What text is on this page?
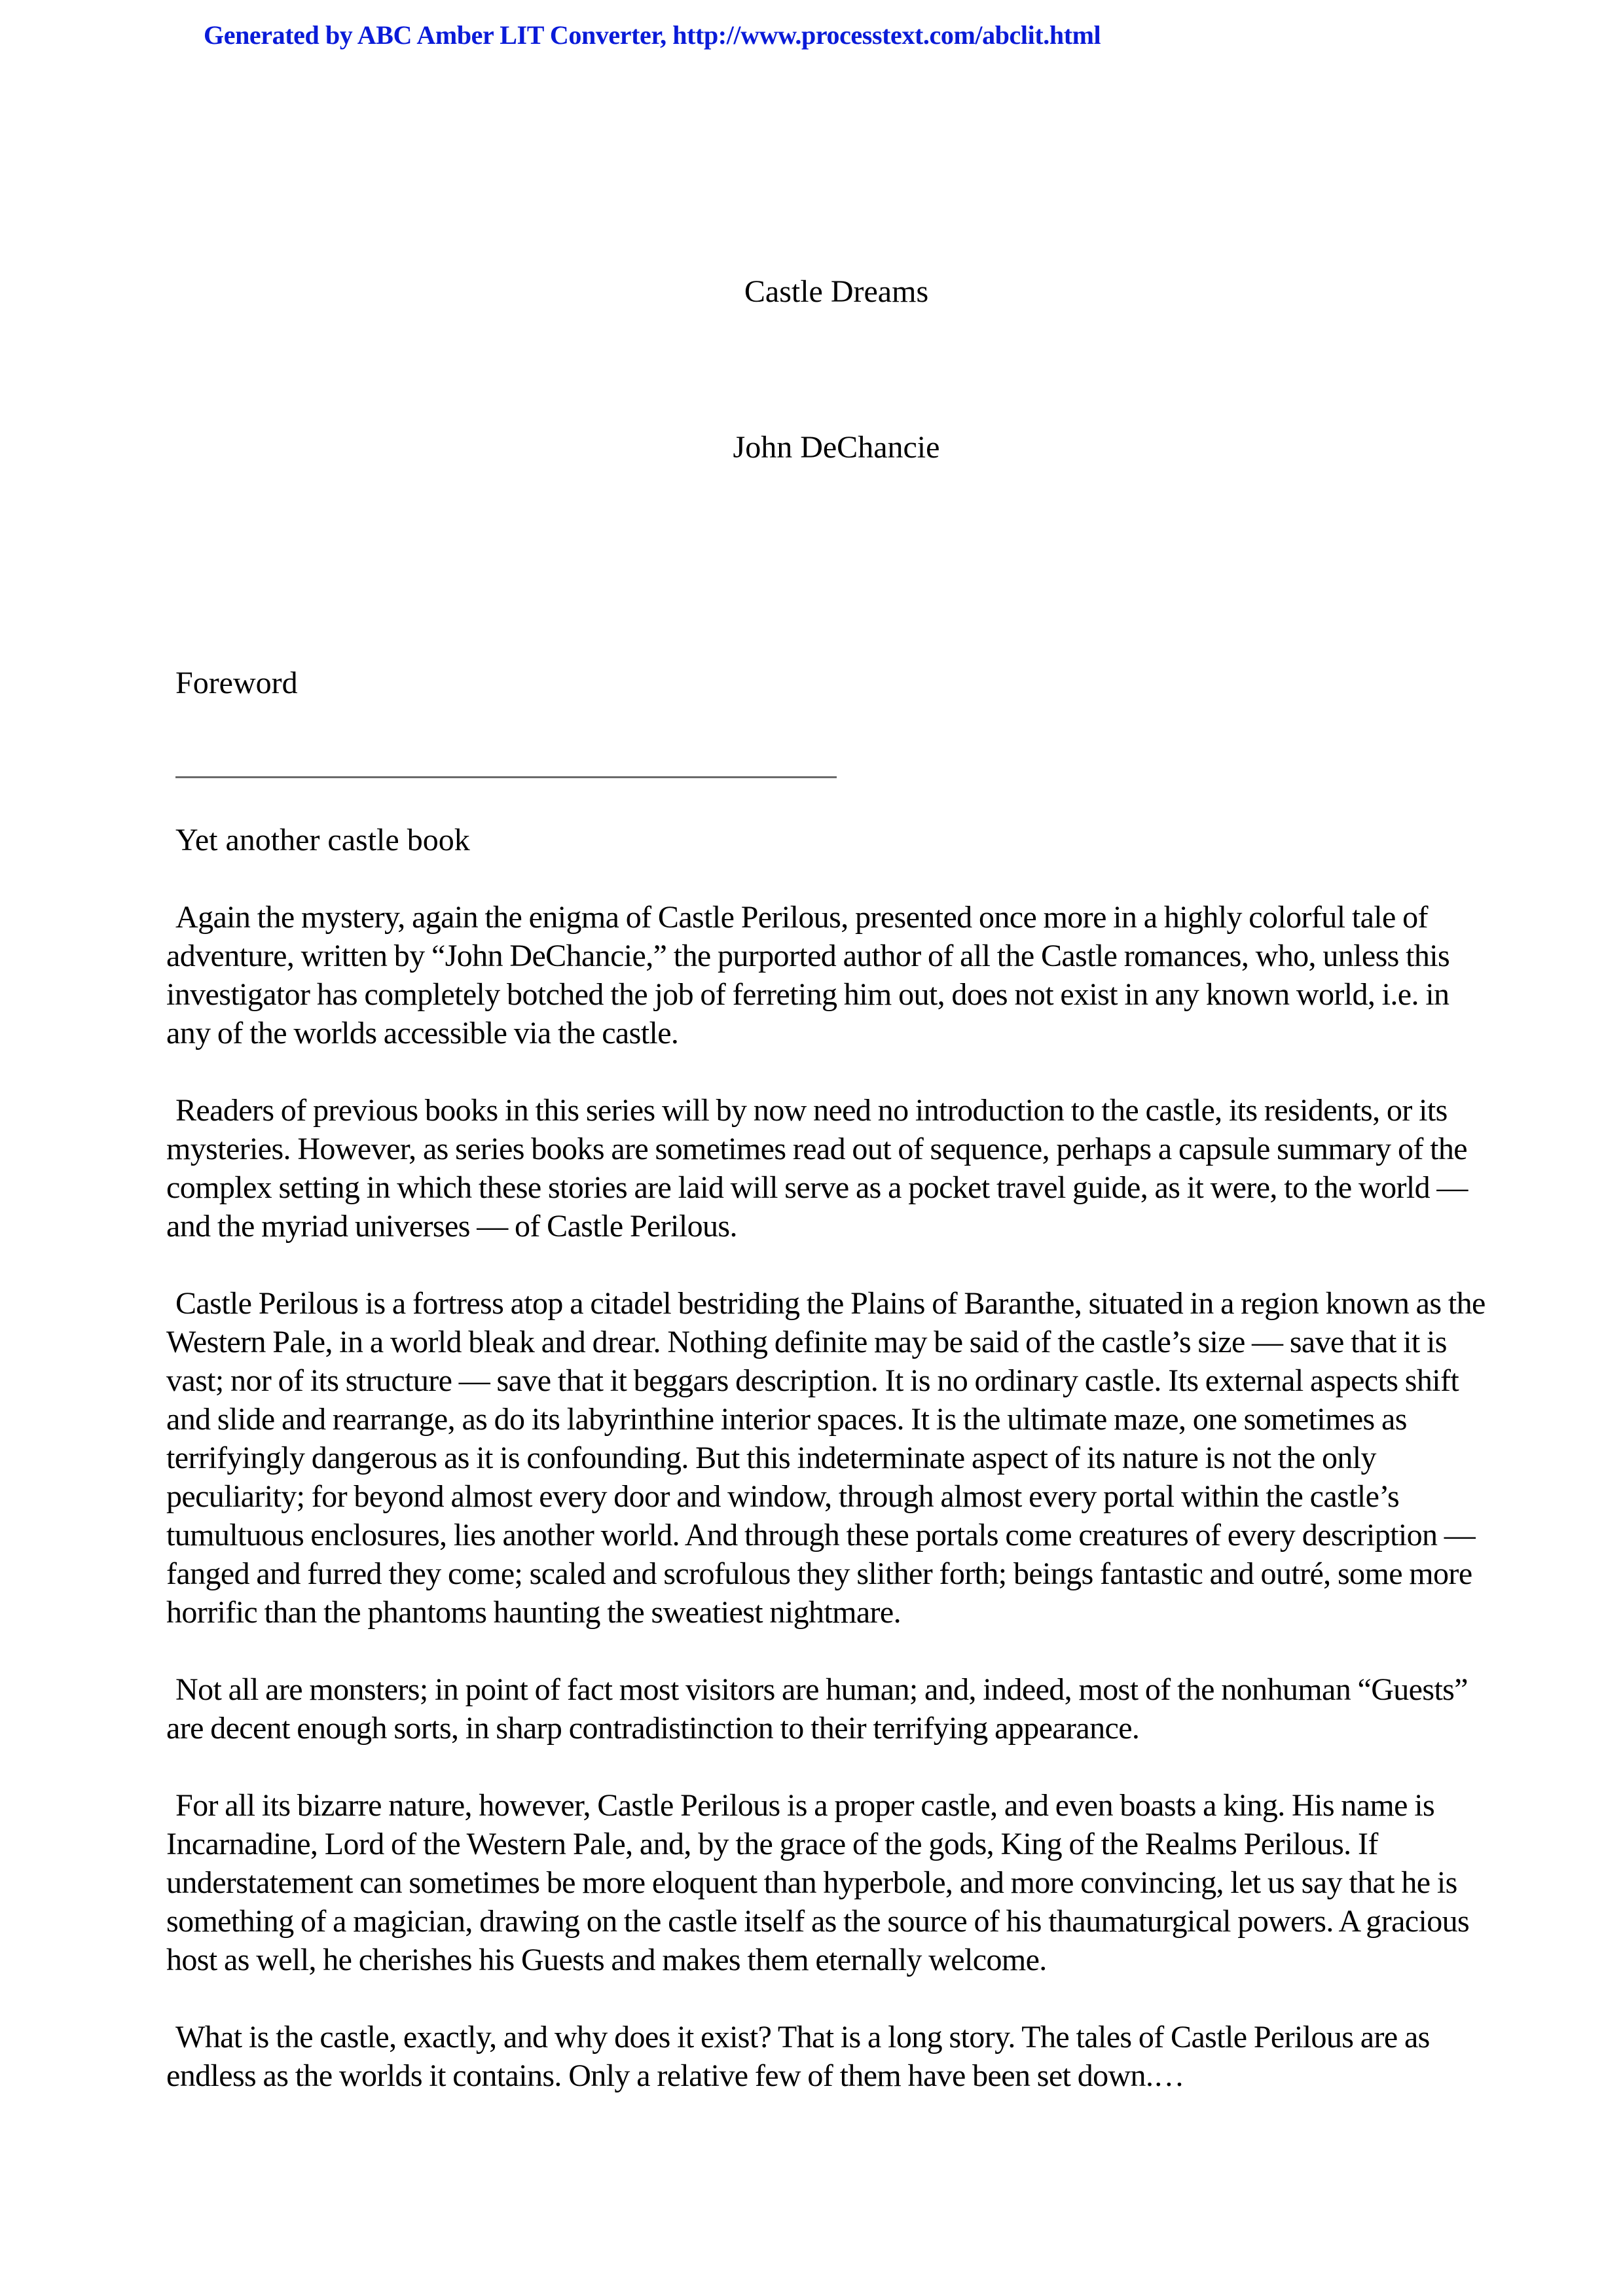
Generated by ABC Amber LIT Converter, http://www.processtext.com/abclit.html
Castle Dreams
John DeChancie
Foreword
Yet another castle book

Again the mystery, again the enigma of Castle Perilous, presented once more in a highly colorful tale of adventure, written by “John DeChancie,” the purported author of all the Castle romances, who, unless this investigator has completely botched the job of ferreting him out, does not exist in any known world, i.e. in any of the worlds accessible via the castle.

Readers of previous books in this series will by now need no introduction to the castle, its residents, or its mysteries. However, as series books are sometimes read out of sequence, perhaps a capsule summary of the complex setting in which these stories are laid will serve as a pocket travel guide, as it were, to the world — and the myriad universes — of Castle Perilous.

Castle Perilous is a fortress atop a citadel bestriding the Plains of Baranthe, situated in a region known as the Western Pale, in a world bleak and drear. Nothing definite may be said of the castle’s size — save that it is vast; nor of its structure — save that it beggars description. It is no ordinary castle. Its external aspects shift and slide and rearrange, as do its labyrinthine interior spaces. It is the ultimate maze, one sometimes as terrifyingly dangerous as it is confounding. But this indeterminate aspect of its nature is not the only peculiarity; for beyond almost every door and window, through almost every portal within the castle’s tumultuous enclosures, lies another world. And through these portals come creatures of every description — fanged and furred they come; scaled and scrofulous they slither forth; beings fantastic and outré, some more horrific than the phantoms haunting the sweatiest nightmare.

Not all are monsters; in point of fact most visitors are human; and, indeed, most of the nonhuman “Guests” are decent enough sorts, in sharp contradistinction to their terrifying appearance.

For all its bizarre nature, however, Castle Perilous is a proper castle, and even boasts a king. His name is Incarnadine, Lord of the Western Pale, and, by the grace of the gods, King of the Realms Perilous. If understatement can sometimes be more eloquent than hyperbole, and more convincing, let us say that he is something of a magician, drawing on the castle itself as the source of his thaumaturgical powers. A gracious host as well, he cherishes his Guests and makes them eternally welcome.

What is the castle, exactly, and why does it exist? That is a long story. The tales of Castle Perilous are as endless as the worlds it contains. Only a relative few of them have been set down.…
